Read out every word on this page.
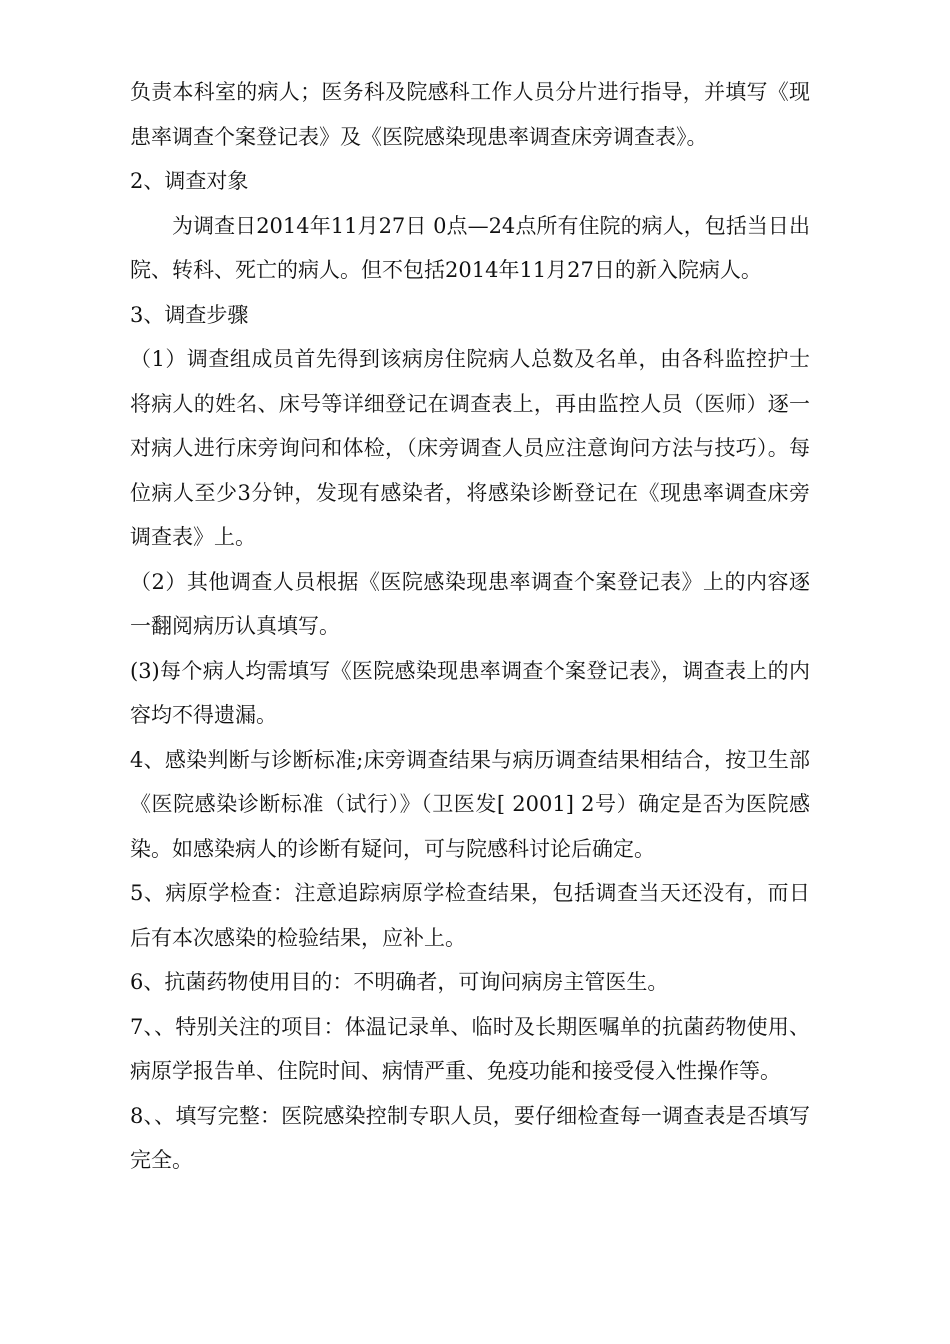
负责本科室的病人；医务科及院感科工作人员分片进行指导，并填写《现患率调查个案登记表》及《医院感染现患率调查床旁调查表》。

2、调查对象

为调查日2014年11月27日 0点—24点所有住院的病人，包括当日出院、转科、死亡的病人。但不包括2014年11月27日的新入院病人。

3、调查步骤

（1）调查组成员首先得到该病房住院病人总数及名单，由各科监控护士将病人的姓名、床号等详细登记在调查表上，再由监控人员（医师）逐一对病人进行床旁询问和体检，（床旁调查人员应注意询问方法与技巧）。每位病人至少3分钟，发现有感染者，将感染诊断登记在《现患率调查床旁调查表》上。

（2）其他调查人员根据《医院感染现患率调查个案登记表》上的内容逐一翻阅病历认真填写。

(3)每个病人均需填写《医院感染现患率调查个案登记表》，调查表上的内容均不得遗漏。

4、感染判断与诊断标准;床旁调查结果与病历调查结果相结合，按卫生部《医院感染诊断标准（试行）》（卫医发[ 2001] 2号）确定是否为医院感染。如感染病人的诊断有疑问，可与院感科讨论后确定。

5、病原学检查：注意追踪病原学检查结果，包括调查当天还没有，而日后有本次感染的检验结果，应补上。

6、抗菌药物使用目的：不明确者，可询问病房主管医生。

7、、特别关注的项目：体温记录单、临时及长期医嘱单的抗菌药物使用、病原学报告单、住院时间、病情严重、免疫功能和接受侵入性操作等。

8、、填写完整：医院感染控制专职人员，要仔细检查每一调查表是否填写完全。
